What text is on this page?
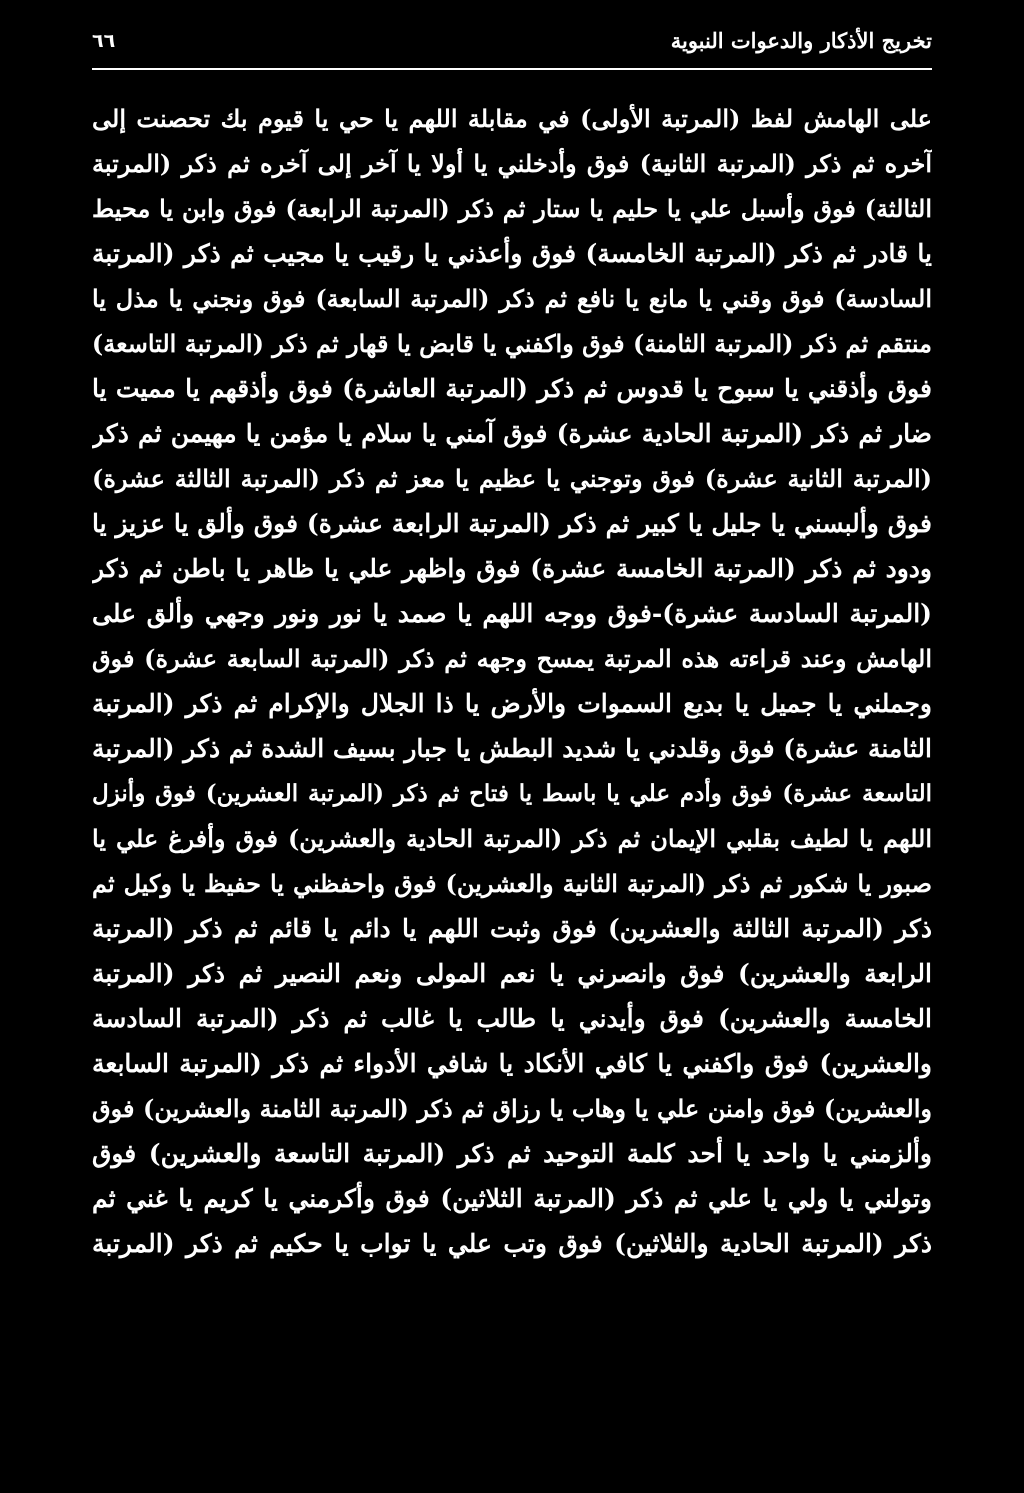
تخريج الأذكار والدعوات النبوية
٦٦
على الهامش لفظ (المرتبة الأولى) في مقابلة اللهم يا حي يا قيوم بك تحصنت إلى
آخره ثم ذكر (المرتبة الثانية) فوق وأدخلني يا أولا يا آخر إلى آخره ثم ذكر (المرتبة
الثالثة) فوق وأسبل علي يا حليم يا ستار ثم ذكر (المرتبة الرابعة) فوق وابن يا محيط
يا قادر ثم ذكر (المرتبة الخامسة) فوق وأعذني يا رقيب يا مجيب ثم ذكر (المرتبة
السادسة) فوق وقني يا مانع يا نافع ثم ذكر (المرتبة السابعة) فوق ونجني يا مذل يا
منتقم ثم ذكر (المرتبة الثامنة) فوق واكفني يا قابض يا قهار ثم ذكر (المرتبة التاسعة)
فوق وأذقني يا سبوح يا قدوس ثم ذكر (المرتبة العاشرة) فوق وأذقهم يا مميت يا
ضار ثم ذكر (المرتبة الحادية عشرة) فوق آمني يا سلام يا مؤمن يا مهيمن ثم ذكر
(المرتبة الثانية عشرة) فوق وتوجني يا عظيم يا معز ثم ذكر (المرتبة الثالثة عشرة)
فوق وألبسني يا جليل يا كبير ثم ذكر (المرتبة الرابعة عشرة) فوق وألق يا عزيز يا
ودود ثم ذكر (المرتبة الخامسة عشرة) فوق واظهر علي يا ظاهر يا باطن ثم ذكر
(المرتبة السادسة عشرة)-فوق ووجه اللهم يا صمد يا نور ونور وجهي وألق على
الهامش وعند قراءته هذه المرتبة يمسح وجهه ثم ذكر (المرتبة السابعة عشرة) فوق
وجملني يا جميل يا بديع السموات والأرض يا ذا الجلال والإكرام ثم ذكر (المرتبة
الثامنة عشرة) فوق وقلدني يا شديد البطش يا جبار بسيف الشدة ثم ذكر (المرتبة
التاسعة عشرة) فوق وأدم علي يا باسط يا فتاح ثم ذكر (المرتبة العشرين) فوق وأنزل
اللهم يا لطيف بقلبي الإيمان ثم ذكر (المرتبة الحادية والعشرين) فوق وأفرغ علي يا
صبور يا شكور ثم ذكر (المرتبة الثانية والعشرين) فوق واحفظني يا حفيظ يا وكيل ثم
ذكر (المرتبة الثالثة والعشرين) فوق وثبت اللهم يا دائم يا قائم ثم ذكر (المرتبة
الرابعة والعشرين) فوق وانصرني يا نعم المولى ونعم النصير ثم ذكر (المرتبة
الخامسة والعشرين) فوق وأيدني يا طالب يا غالب ثم ذكر (المرتبة السادسة
والعشرين) فوق واكفني يا كافي الأنكاد يا شافي الأدواء ثم ذكر (المرتبة السابعة
والعشرين) فوق وامنن علي يا وهاب يا رزاق ثم ذكر (المرتبة الثامنة والعشرين) فوق
وألزمني يا واحد يا أحد كلمة التوحيد ثم ذكر (المرتبة التاسعة والعشرين) فوق
وتولني يا ولي يا علي ثم ذكر (المرتبة الثلاثين) فوق وأكرمني يا كريم يا غني ثم
ذكر (المرتبة الحادية والثلاثين) فوق وتب علي يا تواب يا حكيم ثم ذكر (المرتبة
